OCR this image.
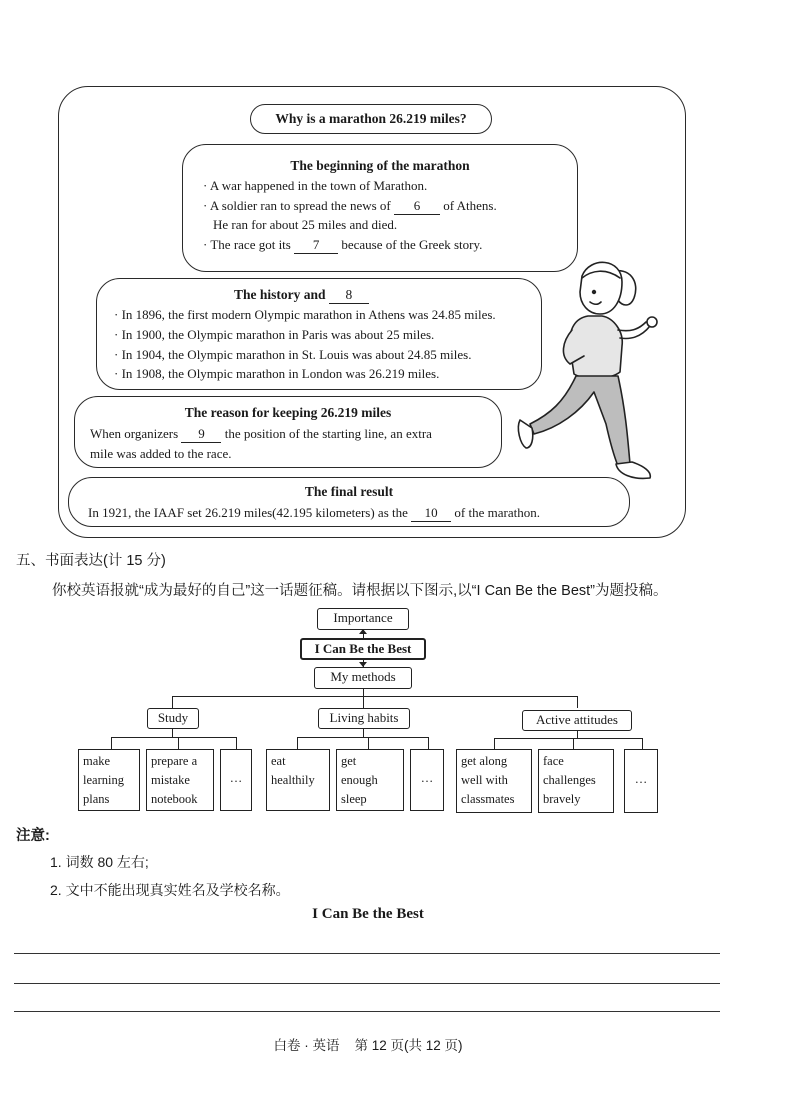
Why is a marathon 26.219 miles?
The beginning of the marathon
· A war happened in the town of Marathon.
· A soldier ran to spread the news of 6 of Athens.
He ran for about 25 miles and died.
· The race got its 7 because of the Greek story.
The history and 8
· In 1896, the first modern Olympic marathon in Athens was 24.85 miles.
· In 1900, the Olympic marathon in Paris was about 25 miles.
· In 1904, the Olympic marathon in St. Louis was about 24.85 miles.
· In 1908, the Olympic marathon in London was 26.219 miles.
The reason for keeping 26.219 miles
When organizers 9 the position of the starting line, an extra
mile was added to the race.
The final result
In 1921, the IAAF set 26.219 miles(42.195 kilometers) as the 10 of the marathon.
五、书面表达(计 15 分)
你校英语报就“成为最好的自己”这一话题征稿。请根据以下图示,以“I Can Be the Best”为题投稿。
Importance
I Can Be the Best
My methods
Study	Living habits	Active attitudes
make
learning
plans
prepare a
mistake
notebook
…
eat
healthily
get
enough
sleep
…
get along
well with
classmates
face
challenges
bravely
…
注意:
1. 词数 80 左右;
2. 文中不能出现真实姓名及学校名称。
I Can Be the Best
白卷 · 英语    第 12 页(共 12 页)
